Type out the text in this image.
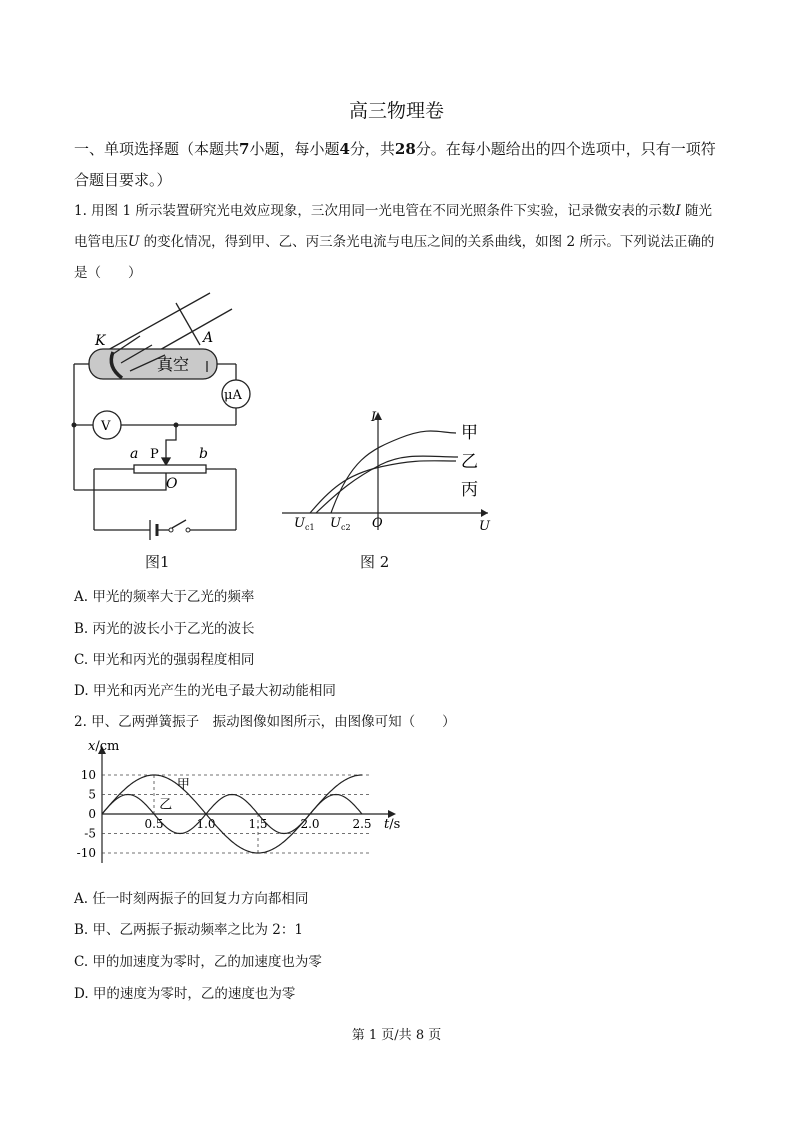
高三物理卷
一、单项选择题（本题共7小题，每小题4分，共28分。在每小题给出的四个选项中，只有一项符合题目要求。）
1. 用图 1 所示装置研究光电效应现象，三次用同一光电管在不同光照条件下实验，记录微安表的示数I 随光电管电压U 的变化情况，得到甲、乙、丙三条光电流与电压之间的关系曲线，如图 2 所示。下列说法正确的是（　　）
K	A
真空
μA
V
a P	b
O
图1
I
U
O
$U_{c1}$ $U_{c2}$
甲
乙
丙
图 2
A. 甲光的频率大于乙光的频率
B. 丙光的波长小于乙光的波长
C. 甲光和丙光的强弱程度相同
D. 甲光和丙光产生的光电子最大初动能相同
2. 甲、乙两弹簧振子　振动图像如图所示，由图像可知（　　）
10
5
0
-5
-10
0.5	1.0	1.5	2.0	2.5
x/cm
t/s
甲
乙
A. 任一时刻两振子的回复力方向都相同
B. 甲、乙两振子振动频率之比为 2：1
C. 甲的加速度为零时，乙的加速度也为零
D. 甲的速度为零时，乙的速度也为零
第 1 页/共 8 页
